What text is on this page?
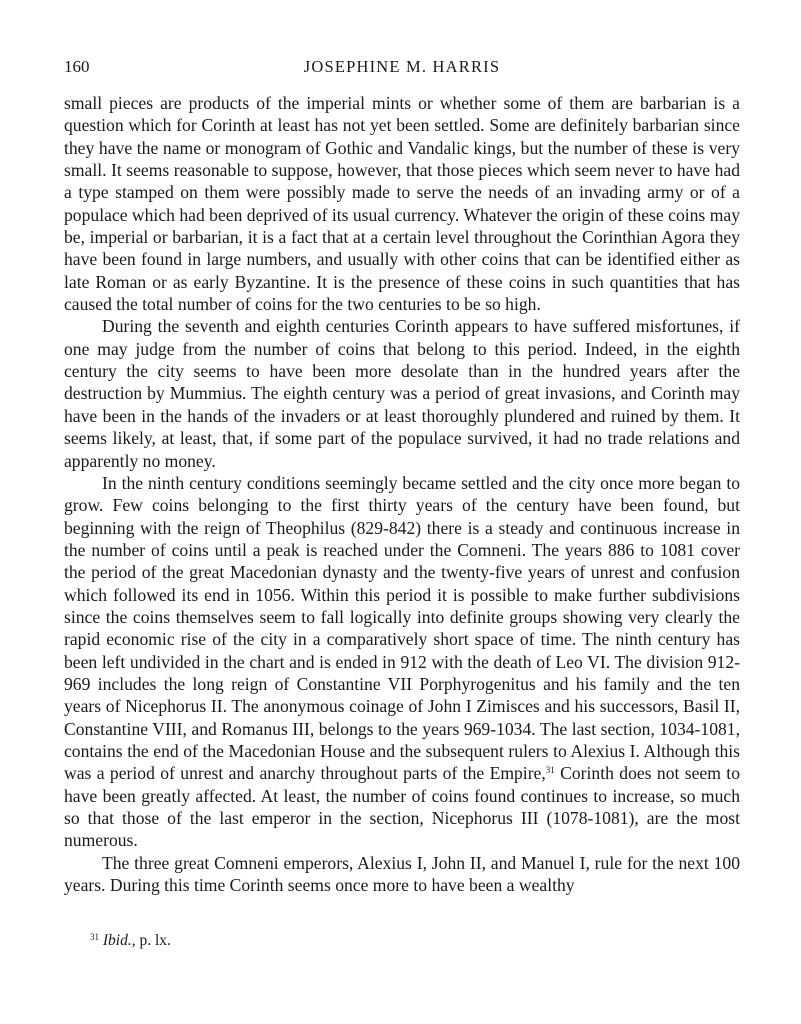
160	JOSEPHINE M. HARRIS

small pieces are products of the imperial mints or whether some of them are barbarian is a question which for Corinth at least has not yet been settled. Some are definitely barbarian since they have the name or monogram of Gothic and Vandalic kings, but the number of these is very small. It seems reasonable to suppose, however, that those pieces which seem never to have had a type stamped on them were possibly made to serve the needs of an invading army or of a populace which had been deprived of its usual currency. Whatever the origin of these coins may be, imperial or barbarian, it is a fact that at a certain level throughout the Corinthian Agora they have been found in large numbers, and usually with other coins that can be identified either as late Roman or as early Byzantine. It is the presence of these coins in such quantities that has caused the total number of coins for the two centuries to be so high.

During the seventh and eighth centuries Corinth appears to have suffered misfortunes, if one may judge from the number of coins that belong to this period. Indeed, in the eighth century the city seems to have been more desolate than in the hundred years after the destruction by Mummius. The eighth century was a period of great invasions, and Corinth may have been in the hands of the invaders or at least thoroughly plundered and ruined by them. It seems likely, at least, that, if some part of the populace survived, it had no trade relations and apparently no money.

In the ninth century conditions seemingly became settled and the city once more began to grow. Few coins belonging to the first thirty years of the century have been found, but beginning with the reign of Theophilus (829-842) there is a steady and continuous increase in the number of coins until a peak is reached under the Comneni. The years 886 to 1081 cover the period of the great Macedonian dynasty and the twenty-five years of unrest and confusion which followed its end in 1056. Within this period it is possible to make further subdivisions since the coins themselves seem to fall logically into definite groups showing very clearly the rapid economic rise of the city in a comparatively short space of time. The ninth century has been left undivided in the chart and is ended in 912 with the death of Leo VI. The division 912-969 includes the long reign of Constantine VII Porphyrogenitus and his family and the ten years of Nicephorus II. The anonymous coinage of John I Zimisces and his successors, Basil II, Constantine VIII, and Romanus III, belongs to the years 969-1034. The last section, 1034-1081, contains the end of the Macedonian House and the subsequent rulers to Alexius I. Although this was a period of unrest and anarchy throughout parts of the Empire,$^{31}$ Corinth does not seem to have been greatly affected. At least, the number of coins found continues to increase, so much so that those of the last emperor in the section, Nicephorus III (1078-1081), are the most numerous.

The three great Comneni emperors, Alexius I, John II, and Manuel I, rule for the next 100 years. During this time Corinth seems once more to have been a wealthy

$^{31}$ Ibid., p. lx.
